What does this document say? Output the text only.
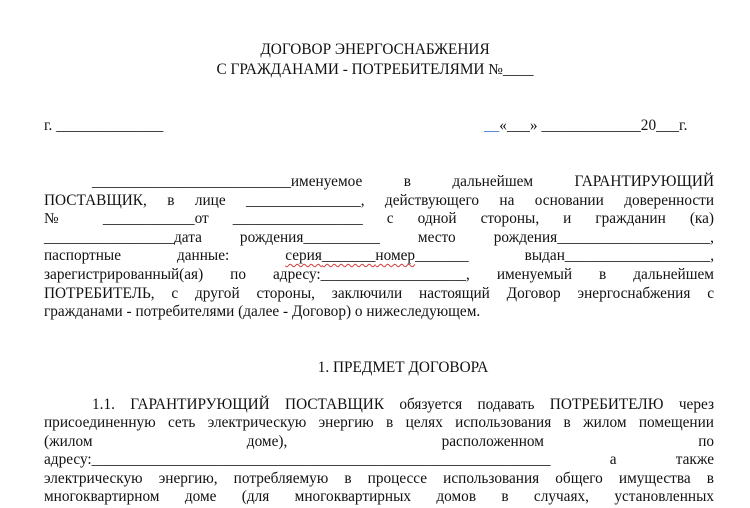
ДОГОВОР ЭНЕРГОСНАБЖЕНИЯ
С ГРАЖДАНАМИ - ПОТРЕБИТЕЛЯМИ №____
г. ______________	__«___» _____________20___г.
__________________________именуемое	в	дальнейшем	ГАРАНТИРУЮЩИЙ
ПОСТАВЩИК, в лице _______________, действующего на основании доверенности
№ ____________от _________________ с одной стороны, и гражданин (ка)
_________________дата рождения__________ место рождения____________________,
паспортные	данные:	серия_______номер_______	выдан___________________,
зарегистрированный(ая) по адресу:___________________, именуемый в дальнейшем
ПОТРЕБИТЕЛЬ, с другой стороны, заключили настоящий Договор энергоснабжения с
гражданами - потребителями (далее - Договор) о нижеследующем.
1. ПРЕДМЕТ ДОГОВОРА
1.1. ГАРАНТИРУЮЩИЙ ПОСТАВЩИК обязуется подавать ПОТРЕБИТЕЛЮ через
присоединенную сеть электрическую энергию в целях использования в жилом помещении
(жилом	доме),	расположенном	по
адресу:____________________________________________________________	а	также
электрическую энергию, потребляемую в процессе использования общего имущества в
многоквартирном доме (для многоквартирных домов в случаях, установленных
